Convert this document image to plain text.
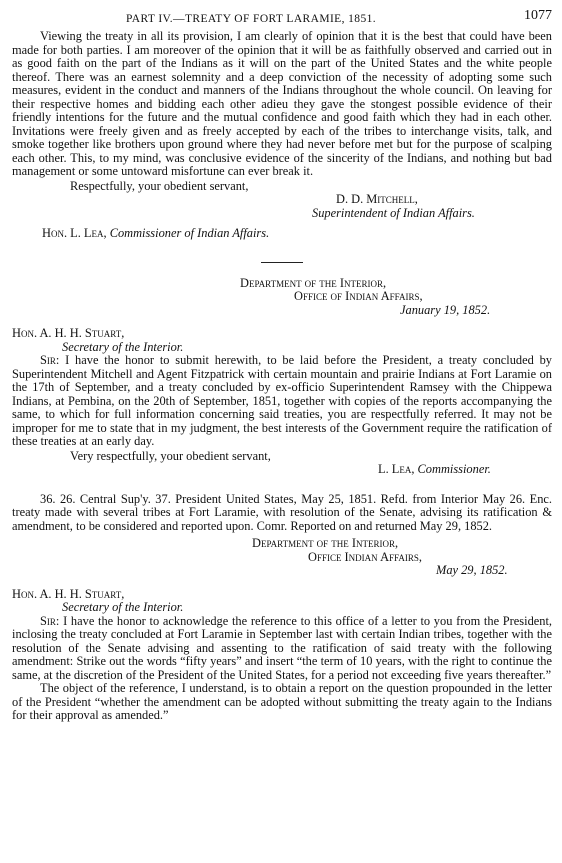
PART IV.—TREATY OF FORT LARAMIE, 1851.	1077

Viewing the treaty in all its provision, I am clearly of opinion that it is the best that could have been made for both parties. I am moreover of the opinion that it will be as faithfully observed and carried out in as good faith on the part of the Indians as it will on the part of the United States and the white people thereof. There was an earnest solemnity and a deep conviction of the necessity of adopting some such measures, evident in the conduct and manners of the Indians throughout the whole council. On leaving for their respective homes and bidding each other adieu they gave the stongest possible evidence of their friendly intentions for the future and the mutual confidence and good faith which they had in each other. Invitations were freely given and as freely accepted by each of the tribes to interchange visits, talk, and smoke together like brothers upon ground where they had never before met but for the purpose of scalping each other. This, to my mind, was conclusive evidence of the sincerity of the Indians, and nothing but bad management or some untoward misfortune can ever break it.

Respectfully, your obedient servant,

D. D. Mitchell,

Superintendent of Indian Affairs.

Hon. L. Lea, Commissioner of Indian Affairs.

Department of the Interior,

Office of Indian Affairs,

January 19, 1852.

Hon. A. H. H. Stuart,

Secretary of the Interior.

Sir: I have the honor to submit herewith, to be laid before the President, a treaty concluded by Superintendent Mitchell and Agent Fitzpatrick with certain mountain and prairie Indians at Fort Laramie on the 17th of September, and a treaty concluded by ex-officio Superintendent Ramsey with the Chippewa Indians, at Pembina, on the 20th of September, 1851, together with copies of the reports accompanying the same, to which for full information concerning said treaties, you are respectfully referred. It may not be improper for me to state that in my judgment, the best interests of the Government require the ratification of these treaties at an early day.

Very respectfully, your obedient servant,

L. Lea, Commissioner.

36. 26. Central Sup'y. 37. President United States, May 25, 1851. Refd. from Interior May 26. Enc. treaty made with several tribes at Fort Laramie, with resolution of the Senate, advising its ratification & amendment, to be considered and reported upon. Comr. Reported on and returned May 29, 1852.

Department of the Interior,

Office Indian Affairs,

May 29, 1852.

Hon. A. H. H. Stuart,

Secretary of the Interior.

Sir: I have the honor to acknowledge the reference to this office of a letter to you from the President, inclosing the treaty concluded at Fort Laramie in September last with certain Indian tribes, together with the resolution of the Senate advising and assenting to the ratification of said treaty with the following amendment: Strike out the words “fifty years” and insert “the term of 10 years, with the right to continue the same, at the discretion of the President of the United States, for a period not exceeding five years thereafter.”

The object of the reference, I understand, is to obtain a report on the question propounded in the letter of the President “whether the amendment can be adopted without submitting the treaty again to the Indians for their approval as amended.”
